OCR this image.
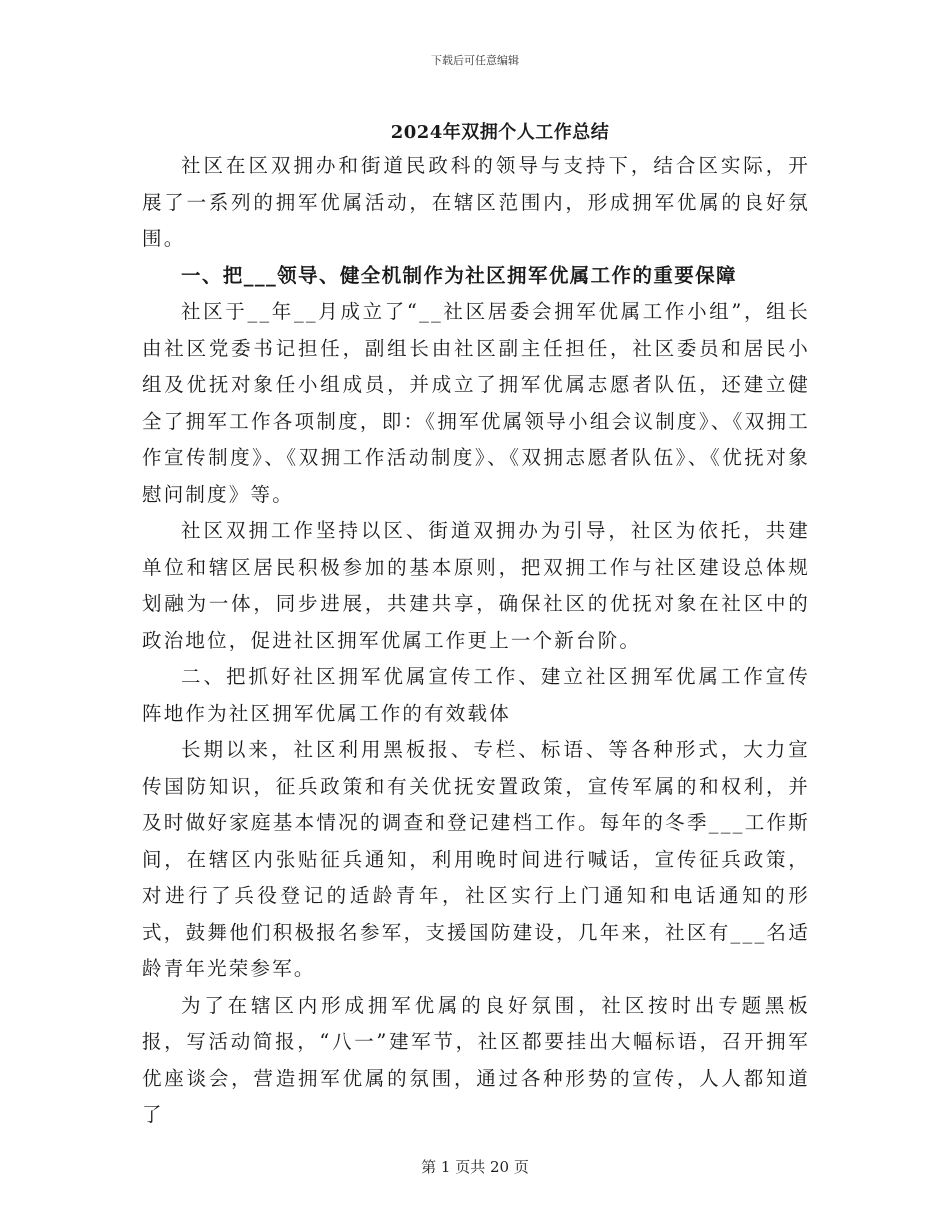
下载后可任意编辑
2024年双拥个人工作总结

社区在区双拥办和街道民政科的领导与支持下，结合区实际，开展了一系列的拥军优属活动，在辖区范围内，形成拥军优属的良好氛围。

一、把___领导、健全机制作为社区拥军优属工作的重要保障

社区于__年__月成立了“__社区居委会拥军优属工作小组”，组长由社区党委书记担任，副组长由社区副主任担任，社区委员和居民小组及优抚对象任小组成员，并成立了拥军优属志愿者队伍，还建立健全了拥军工作各项制度，即：《拥军优属领导小组会议制度》、《双拥工作宣传制度》、《双拥工作活动制度》、《双拥志愿者队伍》、《优抚对象慰问制度》等。

社区双拥工作坚持以区、街道双拥办为引导，社区为依托，共建单位和辖区居民积极参加的基本原则，把双拥工作与社区建设总体规划融为一体，同步进展，共建共享，确保社区的优抚对象在社区中的政治地位，促进社区拥军优属工作更上一个新台阶。

二、把抓好社区拥军优属宣传工作、建立社区拥军优属工作宣传阵地作为社区拥军优属工作的有效载体

长期以来，社区利用黑板报、专栏、标语、等各种形式，大力宣传国防知识，征兵政策和有关优抚安置政策，宣传军属的和权利，并及时做好家庭基本情况的调查和登记建档工作。每年的冬季___工作斯间，在辖区内张贴征兵通知，利用晚时间进行喊话，宣传征兵政策，对进行了兵役登记的适龄青年，社区实行上门通知和电话通知的形式，鼓舞他们积极报名参军，支援国防建设，几年来，社区有___名适龄青年光荣参军。

为了在辖区内形成拥军优属的良好氛围，社区按时出专题黑板报，写活动简报，“八一”建军节，社区都要挂出大幅标语，召开拥军优座谈会，营造拥军优属的氛围，通过各种形势的宣传，人人都知道了

第 1 页共 20 页
